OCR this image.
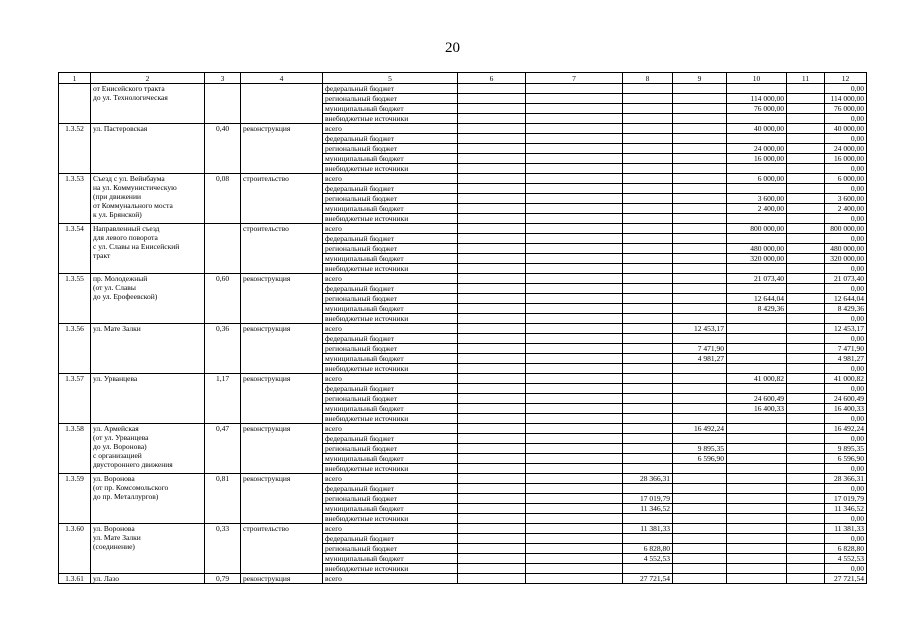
20
1	2	3	4	5	6	7	8	9	10	11	12

	от Енисейского тракта
до ул. Технологическая			федеральный бюджет							0,00
				региональный бюджет					114 000,00		114 000,00
				муниципальный бюджет					76 000,00		76 000,00
				внебюджетные источники							0,00
1.3.52	ул. Пастеровская	0,40	реконструкция	всего					40 000,00		40 000,00
				федеральный бюджет							0,00
				региональный бюджет					24 000,00		24 000,00
				муниципальный бюджет					16 000,00		16 000,00
				внебюджетные источники							0,00
1.3.53	Съезд с ул. Вейнбаума
на ул. Коммунистическую
(при движении
от Коммунального моста
к ул. Брянской)	0,08	строительство	всего					6 000,00		6 000,00
				федеральный бюджет							0,00
				региональный бюджет					3 600,00		3 600,00
				муниципальный бюджет					2 400,00		2 400,00
				внебюджетные источники							0,00
1.3.54	Направленный съезд
для левого поворота
с ул. Славы на Енисейский
тракт		строительство	всего					800 000,00		800 000,00
				федеральный бюджет							0,00
				региональный бюджет					480 000,00		480 000,00
				муниципальный бюджет					320 000,00		320 000,00
				внебюджетные источники							0,00
1.3.55	пр. Молодежный
(от ул. Славы
до ул. Ерофеевской)	0,60	реконструкция	всего					21 073,40		21 073,40
				федеральный бюджет							0,00
				региональный бюджет					12 644,04		12 644,04
				муниципальный бюджет					8 429,36		8 429,36
				внебюджетные источники							0,00
1.3.56	ул. Мате Залки	0,36	реконструкция	всего				12 453,17			12 453,17
				федеральный бюджет							0,00
				региональный бюджет				7 471,90			7 471,90
				муниципальный бюджет				4 981,27			4 981,27
				внебюджетные источники							0,00
1.3.57	ул. Урванцева	1,17	реконструкция	всего					41 000,82		41 000,82
				федеральный бюджет							0,00
				региональный бюджет					24 600,49		24 600,49
				муниципальный бюджет					16 400,33		16 400,33
				внебюджетные источники							0,00
1.3.58	ул. Армейская
(от ул. Урванцева
до ул. Воронова)
с организацией
двустороннего движения	0,47	реконструкция	всего				16 492,24			16 492,24
				федеральный бюджет							0,00
				региональный бюджет				9 895,35			9 895,35
				муниципальный бюджет				6 596,90			6 596,90
				внебюджетные источники							0,00
1.3.59	ул. Воронова
(от пр. Комсомольского
до пр. Металлургов)	0,81	реконструкция	всего			28 366,31				28 366,31
				федеральный бюджет							0,00
				региональный бюджет			17 019,79				17 019,79
				муниципальный бюджет			11 346,52				11 346,52
				внебюджетные источники							0,00
1.3.60	ул. Воронова
ул. Мате Залки
(соединение)	0,33	строительство	всего			11 381,33				11 381,33
				федеральный бюджет							0,00
				региональный бюджет			6 828,80				6 828,80
				муниципальный бюджет			4 552,53				4 552,53
				внебюджетные источники							0,00
1.3.61	ул. Лазо	0,79	реконструкция	всего			27 721,54				27 721,54
